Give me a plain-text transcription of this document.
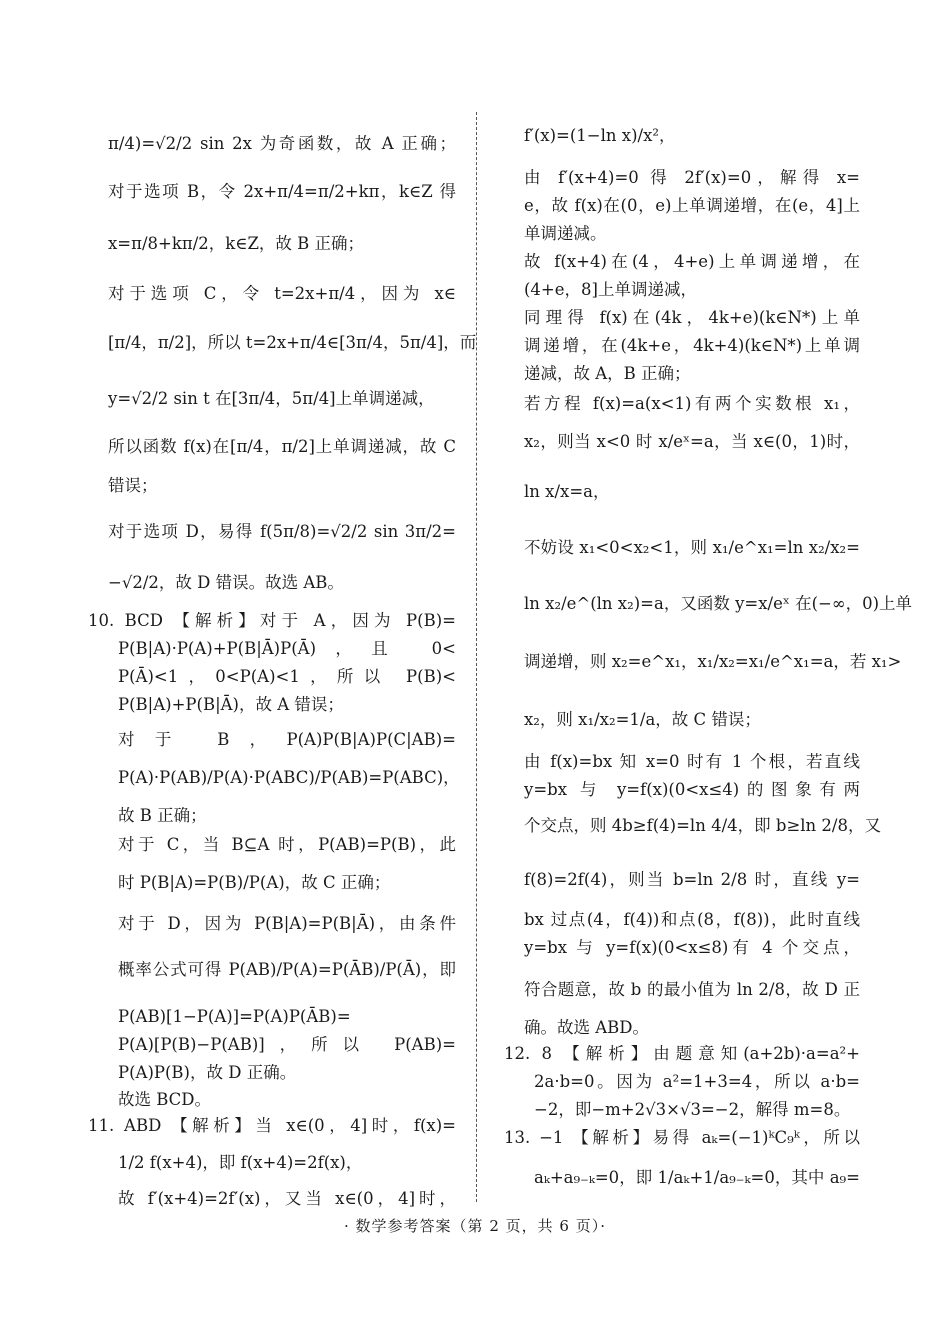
π/4)=√2/2 sin 2x 为奇函数，故 A 正确；
对于选项 B，令 2x+π/4=π/2+kπ，k∈Z 得
x=π/8+kπ/2，k∈Z，故 B 正确；
对于选项 C，令 t=2x+π/4，因为 x∈
[π/4，π/2]，所以 t=2x+π/4∈[3π/4，5π/4]，而
y=√2/2 sin t 在[3π/4，5π/4]上单调递减，
所以函数 f(x)在[π/4，π/2]上单调递减，故 C
错误；
对于选项 D，易得 f(5π/8)=√2/2 sin 3π/2=
−√2/2，故 D 错误。故选 AB。
10. BCD 【解析】对于 A，因为 P(B)=
P(B|A)·P(A)+P(B|Ā)P(Ā)，且 0<
P(Ā)<1，0<P(A)<1，所以 P(B)<
P(B|A)+P(B|Ā)，故 A 错误；
对于 B，P(A)P(B|A)P(C|AB)=
P(A)·P(AB)/P(A)·P(ABC)/P(AB)=P(ABC)，
故 B 正确；
对于 C，当 B⊆A 时，P(AB)=P(B)，此
时 P(B|A)=P(B)/P(A)，故 C 正确；
对于 D，因为 P(B|A)=P(B|Ā)，由条件
概率公式可得 P(AB)/P(A)=P(ĀB)/P(Ā)，即
P(AB)[1−P(A)]=P(A)P(ĀB)=
P(A)[P(B)−P(AB)]，所以 P(AB)=
P(A)P(B)，故 D 正确。
故选 BCD。
11. ABD 【解析】当 x∈(0，4]时，f(x)=
1/2 f(x+4)，即 f(x+4)=2f(x)，
故 f′(x+4)=2f′(x)，又当 x∈(0，4]时，
f′(x)=(1−ln x)/x²，
由 f′(x+4)=0 得 2f′(x)=0，解得 x=
e，故 f(x)在(0，e)上单调递增，在(e，4]上
单调递减。
故 f(x+4)在(4，4+e)上单调递增，在
(4+e，8]上单调递减，
同理得 f(x)在(4k，4k+e)(k∈N*)上单
调递增，在(4k+e，4k+4)(k∈N*)上单调
递减，故 A，B 正确；
若方程 f(x)=a(x<1)有两个实数根 x₁，
x₂，则当 x<0 时 x/eˣ=a，当 x∈(0，1)时，
ln x/x=a，
不妨设 x₁<0<x₂<1，则 x₁/e^x₁=ln x₂/x₂=
ln x₂/e^(ln x₂)=a，又函数 y=x/eˣ 在(−∞，0)上单
调递增，则 x₂=e^x₁，x₁/x₂=x₁/e^x₁=a，若 x₁>
x₂，则 x₁/x₂=1/a，故 C 错误；
由 f(x)=bx 知 x=0 时有 1 个根，若直线
y=bx 与 y=f(x)(0<x≤4)的图象有两
个交点，则 4b≥f(4)=ln 4/4，即 b≥ln 2/8，又
f(8)=2f(4)，则当 b=ln 2/8 时，直线 y=
bx 过点(4，f(4))和点(8，f(8))，此时直线
y=bx 与 y=f(x)(0<x≤8)有 4 个交点，
符合题意，故 b 的最小值为 ln 2/8，故 D 正
确。故选 ABD。
12. 8 【解析】由题意知(a+2b)·a=a²+
2a·b=0。因为 a²=1+3=4，所以 a·b=
−2，即−m+2√3×√3=−2，解得 m=8。
13. −1 【解析】易得 aₖ=(−1)ᵏC₉ᵏ，所以
aₖ+a₉₋ₖ=0，即 1/aₖ+1/a₉₋ₖ=0，其中 a₉=
· 数学参考答案（第 2 页，共 6 页）·
